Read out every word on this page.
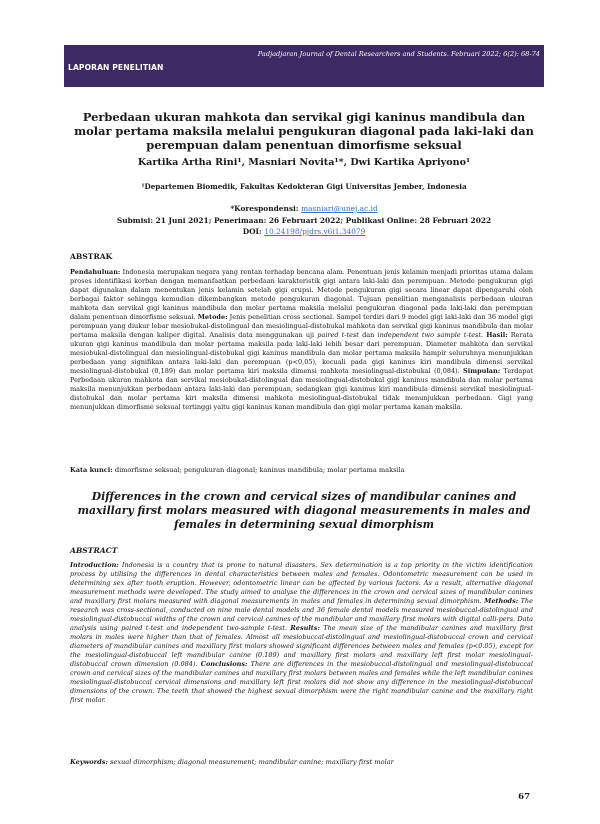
Padjadjaran Journal of Dental Researchers and Students. Februari 2022; 6(2): 68-74
LAPORAN PENELITIAN
Perbedaan ukuran mahkota dan servikal gigi kaninus mandibula dan molar pertama maksila melalui pengukuran diagonal pada laki-laki dan perempuan dalam penentuan dimorfisme seksual

Kartika Artha Rini¹, Masniari Novita¹*, Dwi Kartika Apriyono¹

¹Departemen Biomedik, Fakultas Kedokteran Gigi Universitas Jember, Indonesia

*Korespondensi: masniari@unej.ac.id
Submisi: 21 Juni 2021; Penerimaan: 26 Februari 2022; Publikasi Online: 28 Februari 2022
DOI: 10.24198/pjdrs.v6i1.34079

ABSTRAK

Pendahuluan: Indonesia merupakan negara yang rentan terhadap bencana alam. Penentuan jenis kelamin menjadi prioritas utama dalam proses identifikasi korban dengan memanfaatkan perbedaan karakteristik gigi antara laki-laki dan perempuan. Metode pengukuran gigi dapat digunakan dalam menentukan jenis kelamin setelah gigi erupsi. Metode pengukuran gigi secara linear dapat dipengaruhi oleh berbagai faktor sehingga kemudian dikembangkan metode pengukuran diagonal. Tujuan penelitian menganalisis perbedaan ukuran mahkota dan servikal gigi kaninus mandibula dan molar pertama maksila melalui pengukuran diagonal pada laki-laki dan perempuan dalam penentuan dimorfisme seksual. Metode: Jenis penelitian cross sectional. Sampel terdiri dari 9 model gigi laki-laki dan 36 model gigi perempuan yang diukur lebar mesiobukal-distolingual dan mesiolingual-distobukal mahkota dan servikal gigi kaninus mandibula dan molar pertama maksila dengan kaliper digital. Analisis data menggunakan uji paired t-test dan independent two sample t-test. Hasil: Rerata ukuran gigi kaninus mandibula dan molar pertama maksila pada laki-laki lebih besar dari perempuan. Diameter mahkota dan servikal mesiobukal-distolingual dan mesiolingual-distobukal gigi kaninus mandibula dan molar pertama maksila hampir seluruhnya menunjukkan perbedaan yang signifikan antara laki-laki dan perempuan (p<0,05), kecuali pada gigi kaninus kiri mandibula dimensi servikal mesiolingual-distobukal (0,189) dan molar pertama kiri maksila dimensi mahkota mesiolingual-distobukal (0,084). Simpulan: Terdapat Perbedaan ukuran mahkota dan servikal mesiobukal-distolingual dan mesiolingual-distobukal gigi kaninus mandibula dan molar pertama maksila menunjukkan perbedaan antara laki-laki dan perempuan, sedangkan gigi kaninus kiri mandibula dimensi servikal mesiolingual-distobukal dan molar pertama kiri maksila dimensi mahkota mesiolingual-distobukal tidak menunjukkan perbedaan. Gigi yang menunjukkan dimorfisme seksual tertinggi yaitu gigi kaninus kanan mandibula dan gigi molar pertama kanan maksila.

Kata kunci: dimorfisme seksual; pengukuran diagonal; kaninus mandibula; molar pertama maksila

Differences in the crown and cervical sizes of mandibular canines and maxillary first molars measured with diagonal measurements in males and females in determining sexual dimorphism

ABSTRACT

Introduction: Indonesia is a country that is prone to natural disasters. Sex determination is a top priority in the victim identification process by utilising the differences in dental characteristics between males and females. Odontometric measurement can be used in determining sex after tooth eruption. However, odontometric linear can be affected by various factors. As a result, alternative diagonal measurement methods were developed. The study aimed to analyse the differences in the crown and cervical sizes of mandibular canines and maxillary first molars measured with diagonal measurements in males and females in determining sexual dimorphism. Methods: The research was cross-sectional, conducted on nine male dental models and 36 female dental models measured mesiobuccal-distolingual and mesiolingual-distobuccal widths of the crown and cervical canines of the mandibular and maxillary first molars with digital calli-pers. Data analysis using paired t-test and independent two-sample t-test. Results: The mean size of the mandibular canines and maxillary first molars in males were higher than that of females. Almost all mesiobuccal-distolingual and mesiolingual-distobuccal crown and cervical diameters of mandibular canines and maxillary first molars showed significant differences between males and females (p<0.05), except for the mesiolingual-distobuccal left mandibular canine (0.189) and maxillary first molars and maxillary left first molar mesiolingual-distobuccal crown dimension (0.084). Conclusions: There are differences in the mesiobuccal-distolingual and mesiolingual-distobuccal crown and cervical sizes of the mandibular canines and maxillary first molars between males and females while the left mandibular canines mesiolingual-distobuccal cervical dimensions and maxillary left first molars did not show any difference in the mesiolingual-distobuccal dimensions of the crown. The teeth that showed the highest sexual dimorphism were the right mandibular canine and the maxillary right first molar.

Keywords: sexual dimorphism; diagonal measurement; mandibular canine; maxillary first molar

67
